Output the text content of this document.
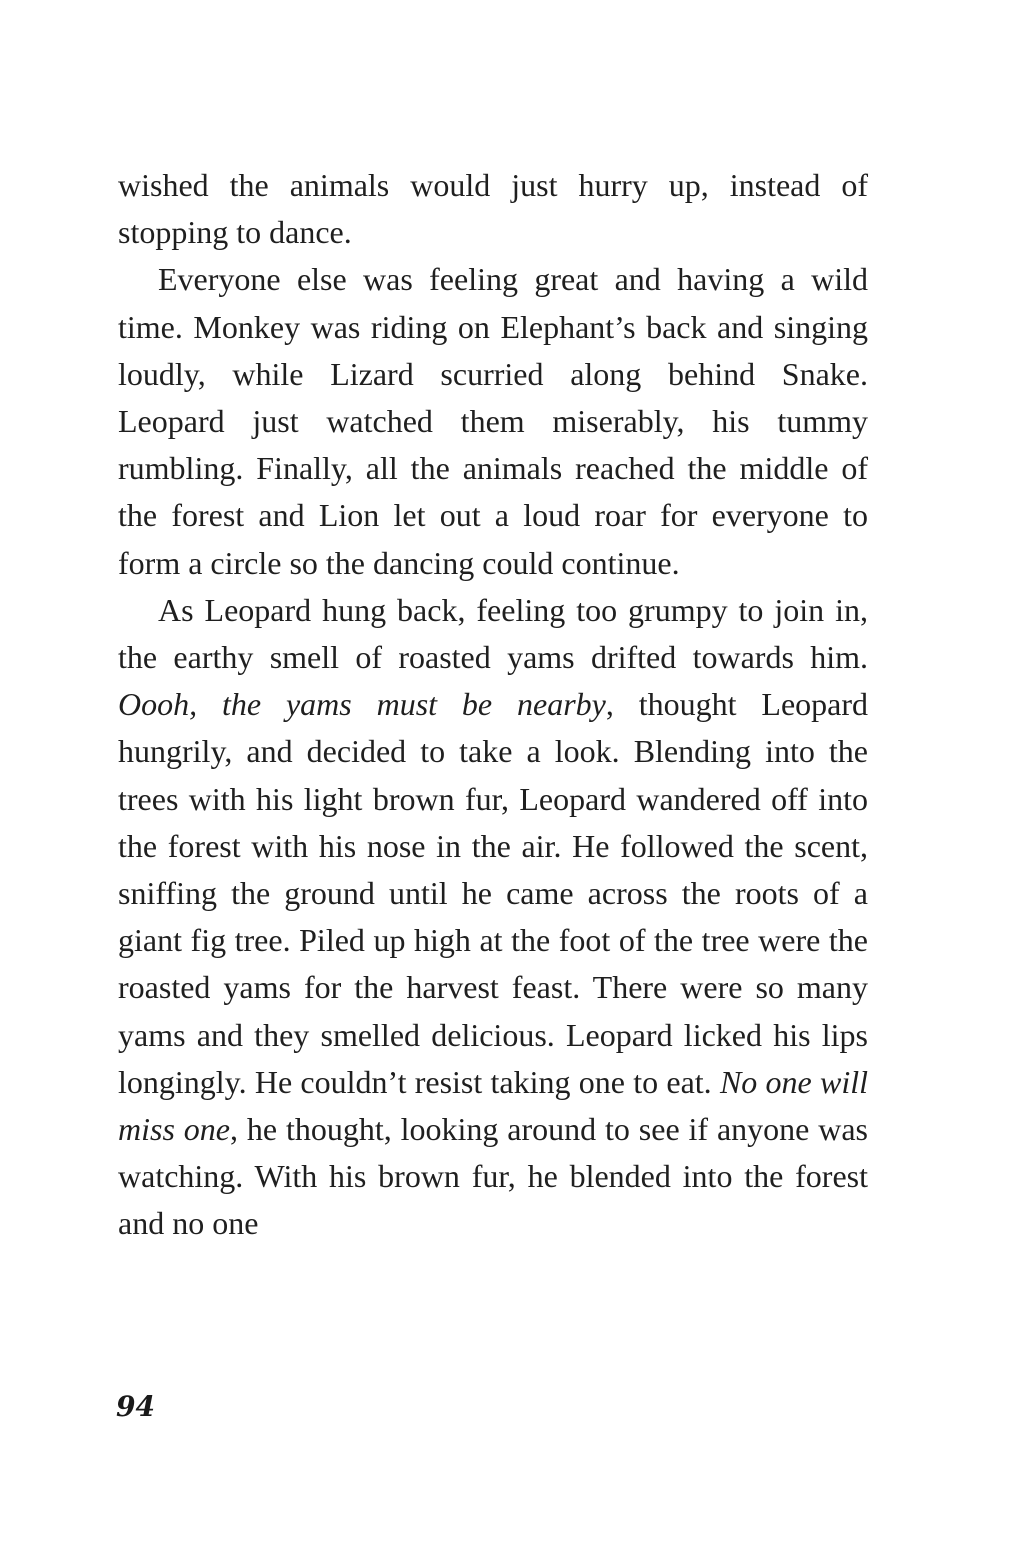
wished the animals would just hurry up, instead of stopping to dance.

Everyone else was feeling great and having a wild time. Monkey was riding on Elephant’s back and singing loudly, while Lizard scurried along behind Snake. Leopard just watched them miserably, his tummy rumbling. Finally, all the animals reached the middle of the forest and Lion let out a loud roar for everyone to form a circle so the dancing could continue.

As Leopard hung back, feeling too grumpy to join in, the earthy smell of roasted yams drifted towards him. Oooh, the yams must be nearby, thought Leopard hungrily, and decided to take a look. Blending into the trees with his light brown fur, Leopard wandered off into the forest with his nose in the air. He followed the scent, sniffing the ground until he came across the roots of a giant fig tree. Piled up high at the foot of the tree were the roasted yams for the harvest feast. There were so many yams and they smelled delicious. Leopard licked his lips longingly. He couldn’t resist taking one to eat. No one will miss one, he thought, looking around to see if anyone was watching. With his brown fur, he blended into the forest and no one

94
